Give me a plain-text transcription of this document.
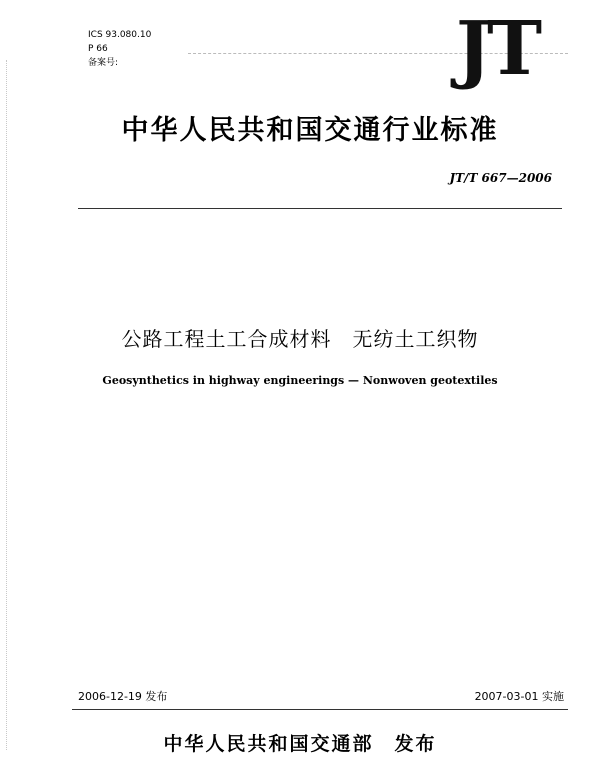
ICS 93.080.10
P 66
备案号:	JT
中华人民共和国交通行业标准
JT/T 667—2006
公路工程土工合成材料　无纺土工织物
Geosynthetics in highway engineerings — Nonwoven geotextiles
2006-12-19 发布	2007-03-01 实施
中华人民共和国交通部　发布
